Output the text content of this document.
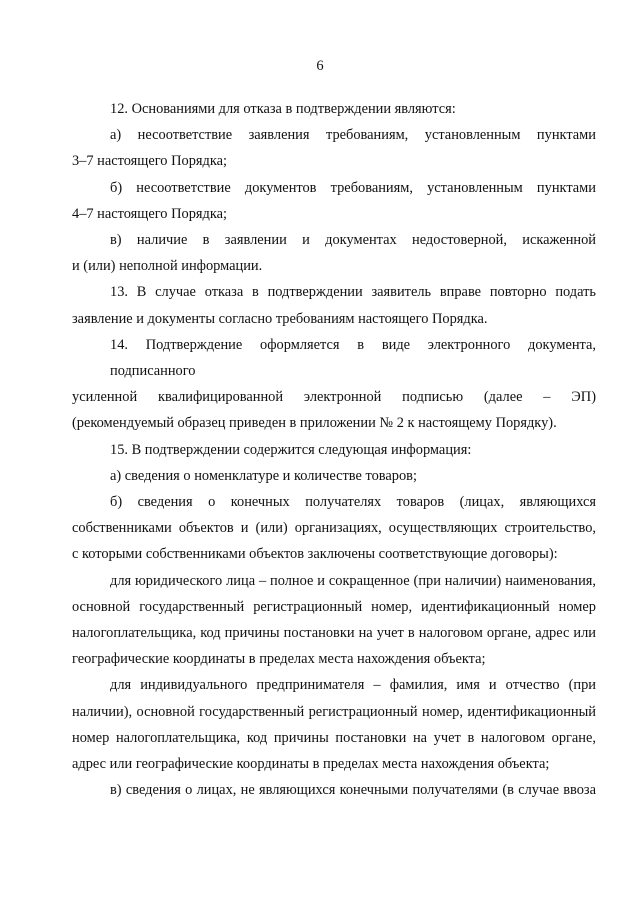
6

12. Основаниями для отказа в подтверждении являются:

а) несоответствие заявления требованиям, установленным пунктами
3–7 настоящего Порядка;

б) несоответствие документов требованиям, установленным пунктами
4–7 настоящего Порядка;

в) наличие в заявлении и документах недостоверной, искаженной
и (или) неполной информации.

13. В случае отказа в подтверждении заявитель вправе повторно подать
заявление и документы согласно требованиям настоящего Порядка.

14. Подтверждение оформляется в виде электронного документа, подписанного
усиленной квалифицированной электронной подписью (далее – ЭП)
(рекомендуемый образец приведен в приложении № 2 к настоящему Порядку).

15. В подтверждении содержится следующая информация:

а) сведения о номенклатуре и количестве товаров;

б) сведения о конечных получателях товаров (лицах, являющихся
собственниками объектов и (или) организациях, осуществляющих строительство,
с которыми собственниками объектов заключены соответствующие договоры):

для юридического лица – полное и сокращенное (при наличии) наименования,
основной государственный регистрационный номер, идентификационный номер
налогоплательщика, код причины постановки на учет в налоговом органе, адрес или
географические координаты в пределах места нахождения объекта;

для индивидуального предпринимателя – фамилия, имя и отчество (при
наличии), основной государственный регистрационный номер, идентификационный
номер налогоплательщика, код причины постановки на учет в налоговом органе,
адрес или географические координаты в пределах места нахождения объекта;

в) сведения о лицах, не являющихся конечными получателями (в случае ввоза
